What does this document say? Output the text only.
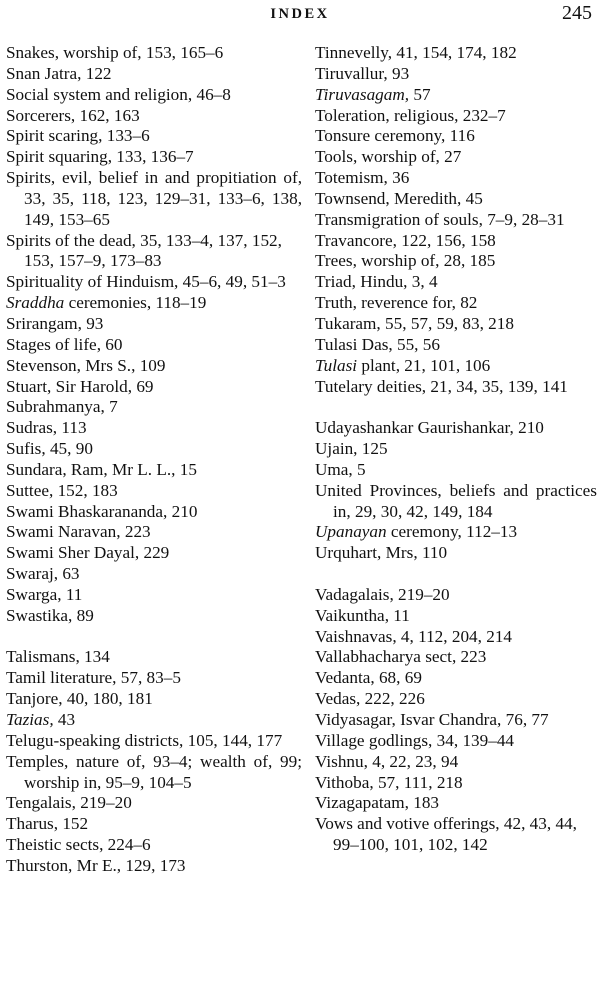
INDEX	245
Snakes, worship of, 153, 165–6
Snan Jatra, 122
Social system and religion, 46–8
Sorcerers, 162, 163
Spirit scaring, 133–6
Spirit squaring, 133, 136–7
Spirits, evil, belief in and propitiation of, 33, 35, 118, 123, 129–31, 133–6, 138, 149, 153–65
Spirits of the dead, 35, 133–4, 137, 152, 153, 157–9, 173–83
Spirituality of Hinduism, 45–6, 49, 51–3
Sraddha ceremonies, 118–19
Srirangam, 93
Stages of life, 60
Stevenson, Mrs S., 109
Stuart, Sir Harold, 69
Subrahmanya, 7
Sudras, 113
Sufis, 45, 90
Sundara, Ram, Mr L. L., 15
Suttee, 152, 183
Swami Bhaskarananda, 210
Swami Naravan, 223
Swami Sher Dayal, 229
Swaraj, 63
Swarga, 11
Swastika, 89
Talismans, 134
Tamil literature, 57, 83–5
Tanjore, 40, 180, 181
Tazias, 43
Telugu-speaking districts, 105, 144, 177
Temples, nature of, 93–4; wealth of, 99; worship in, 95–9, 104–5
Tengalais, 219–20
Tharus, 152
Theistic sects, 224–6
Thurston, Mr E., 129, 173
Tinnevelly, 41, 154, 174, 182
Tiruvallur, 93
Tiruvasagam, 57
Toleration, religious, 232–7
Tonsure ceremony, 116
Tools, worship of, 27
Totemism, 36
Townsend, Meredith, 45
Transmigration of souls, 7–9, 28–31
Travancore, 122, 156, 158
Trees, worship of, 28, 185
Triad, Hindu, 3, 4
Truth, reverence for, 82
Tukaram, 55, 57, 59, 83, 218
Tulasi Das, 55, 56
Tulasi plant, 21, 101, 106
Tutelary deities, 21, 34, 35, 139, 141
Udayashankar Gaurishankar, 210
Ujain, 125
Uma, 5
United Provinces, beliefs and practices in, 29, 30, 42, 149, 184
Upanayan ceremony, 112–13
Urquhart, Mrs, 110
Vadagalais, 219–20
Vaikuntha, 11
Vaishnavas, 4, 112, 204, 214
Vallabhacharya sect, 223
Vedanta, 68, 69
Vedas, 222, 226
Vidyasagar, Isvar Chandra, 76, 77
Village godlings, 34, 139–44
Vishnu, 4, 22, 23, 94
Vithoba, 57, 111, 218
Vizagapatam, 183
Vows and votive offerings, 42, 43, 44, 99–100, 101, 102, 142
